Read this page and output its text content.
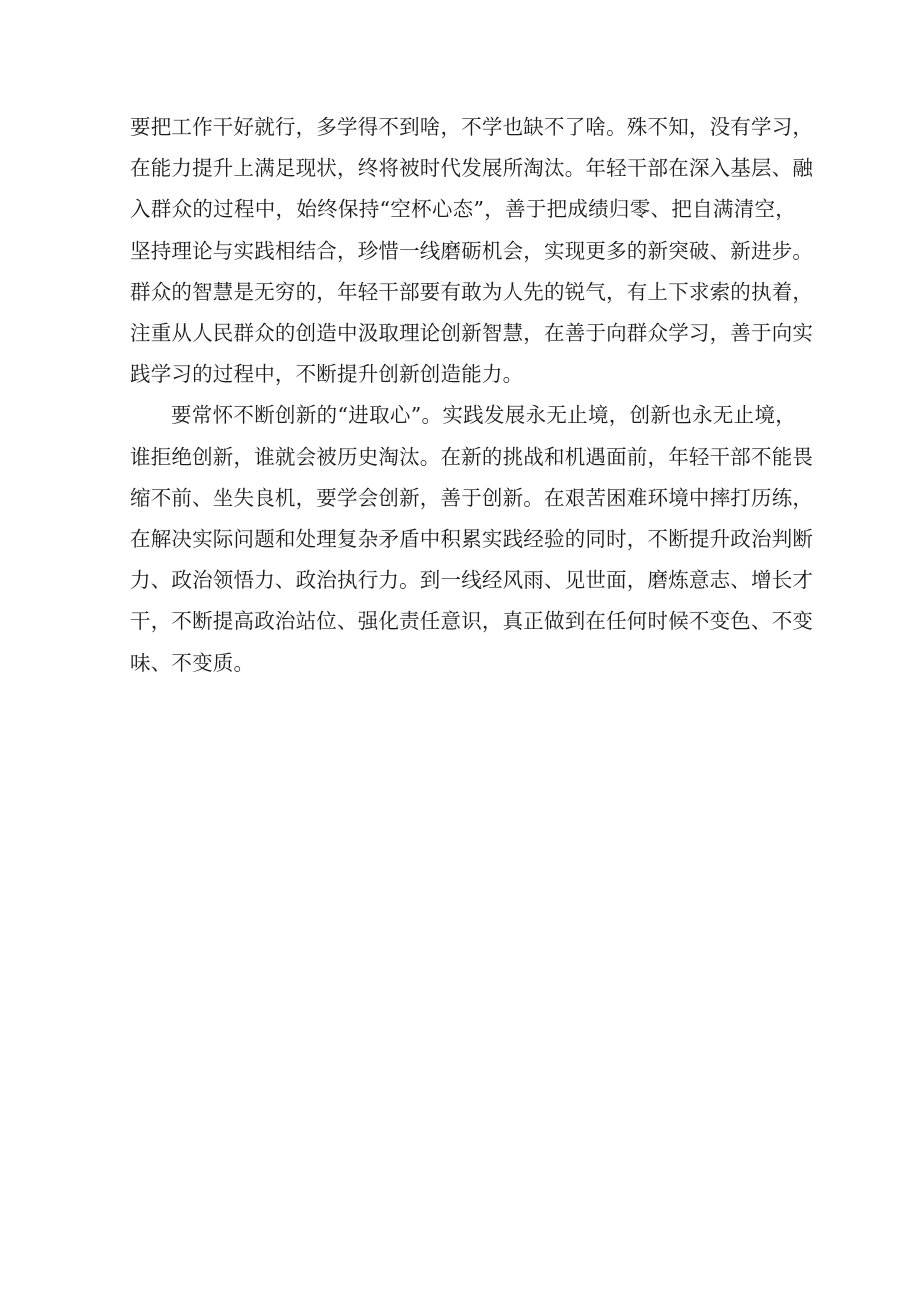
要把工作干好就行，多学得不到啥，不学也缺不了啥。殊不知，没有学习，
在能力提升上满足现状，终将被时代发展所淘汰。年轻干部在深入基层、融
入群众的过程中，始终保持“空杯心态”，善于把成绩归零、把自满清空，
坚持理论与实践相结合，珍惜一线磨砺机会，实现更多的新突破、新进步。
群众的智慧是无穷的，年轻干部要有敢为人先的锐气，有上下求索的执着，
注重从人民群众的创造中汲取理论创新智慧，在善于向群众学习，善于向实
践学习的过程中，不断提升创新创造能力。

要常怀不断创新的“进取心”。实践发展永无止境，创新也永无止境，
谁拒绝创新，谁就会被历史淘汰。在新的挑战和机遇面前，年轻干部不能畏
缩不前、坐失良机，要学会创新，善于创新。在艰苦困难环境中摔打历练，
在解决实际问题和处理复杂矛盾中积累实践经验的同时，不断提升政治判断
力、政治领悟力、政治执行力。到一线经风雨、见世面，磨炼意志、增长才
干，不断提高政治站位、强化责任意识，真正做到在任何时候不变色、不变
味、不变质。
